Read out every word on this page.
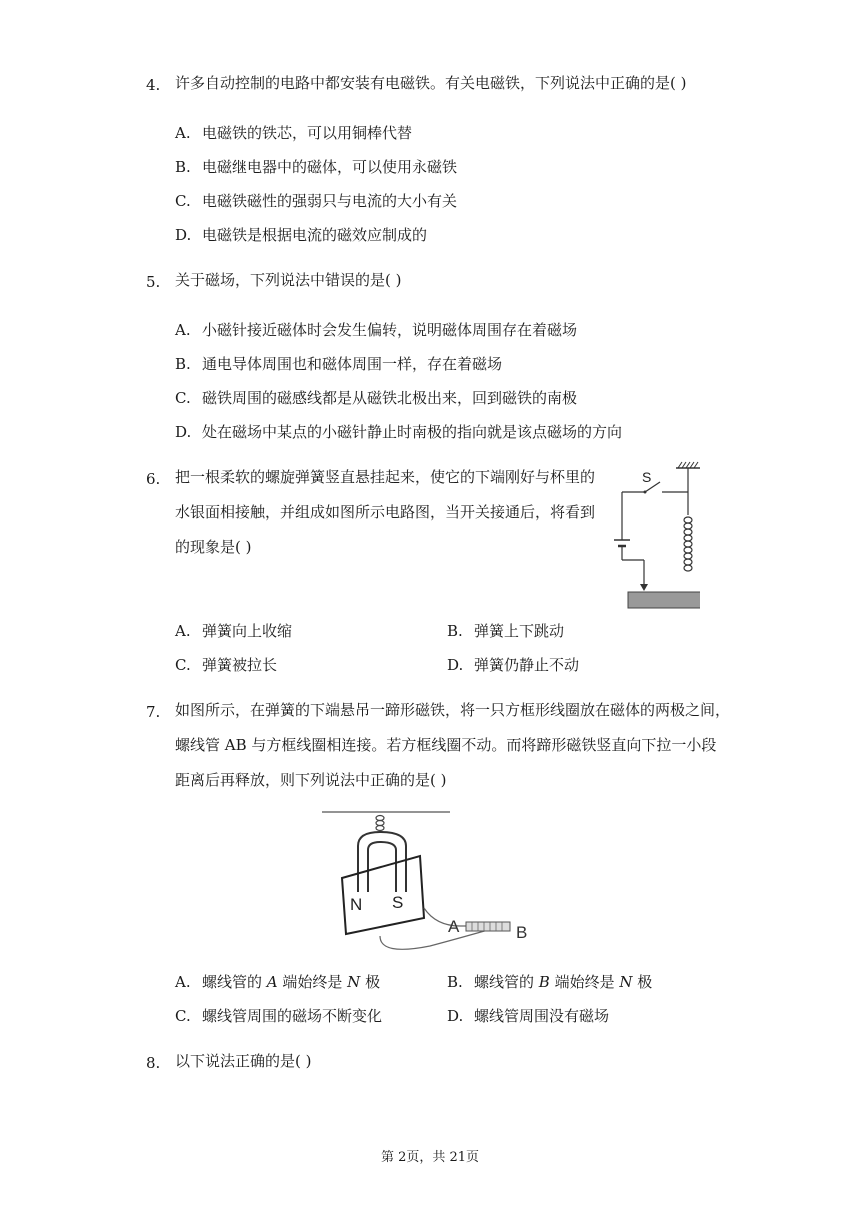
4. 许多自动控制的电路中都安装有电磁铁。有关电磁铁，下列说法中正确的是( )
A. 电磁铁的铁芯，可以用铜棒代替
B. 电磁继电器中的磁体，可以使用永磁铁
C. 电磁铁磁性的强弱只与电流的大小有关
D. 电磁铁是根据电流的磁效应制成的
5. 关于磁场，下列说法中错误的是( )
A. 小磁针接近磁体时会发生偏转，说明磁体周围存在着磁场
B. 通电导体周围也和磁体周围一样，存在着磁场
C. 磁铁周围的磁感线都是从磁铁北极出来，回到磁铁的南极
D. 处在磁场中某点的小磁针静止时南极的指向就是该点磁场的方向
6. 把一根柔软的螺旋弹簧竖直悬挂起来，使它的下端刚好与杯里的
水银面相接触，并组成如图所示电路图，当开关接通后，将看到
的现象是( )
S
A. 弹簧向上收缩	B. 弹簧上下跳动
C. 弹簧被拉长	D. 弹簧仍静止不动
7. 如图所示，在弹簧的下端悬吊一蹄形磁铁，将一只方框形线圈放在磁体的两极之间，
螺线管 AB 与方框线圈相连接。若方框线圈不动。而将蹄形磁铁竖直向下拉一小段
距离后再释放，则下列说法中正确的是( )
N S
A	B
A. 螺线管的 A 端始终是 N 极	B. 螺线管的 B 端始终是 N 极
C. 螺线管周围的磁场不断变化	D. 螺线管周围没有磁场
8. 以下说法正确的是( )
第 2页，共 21页
